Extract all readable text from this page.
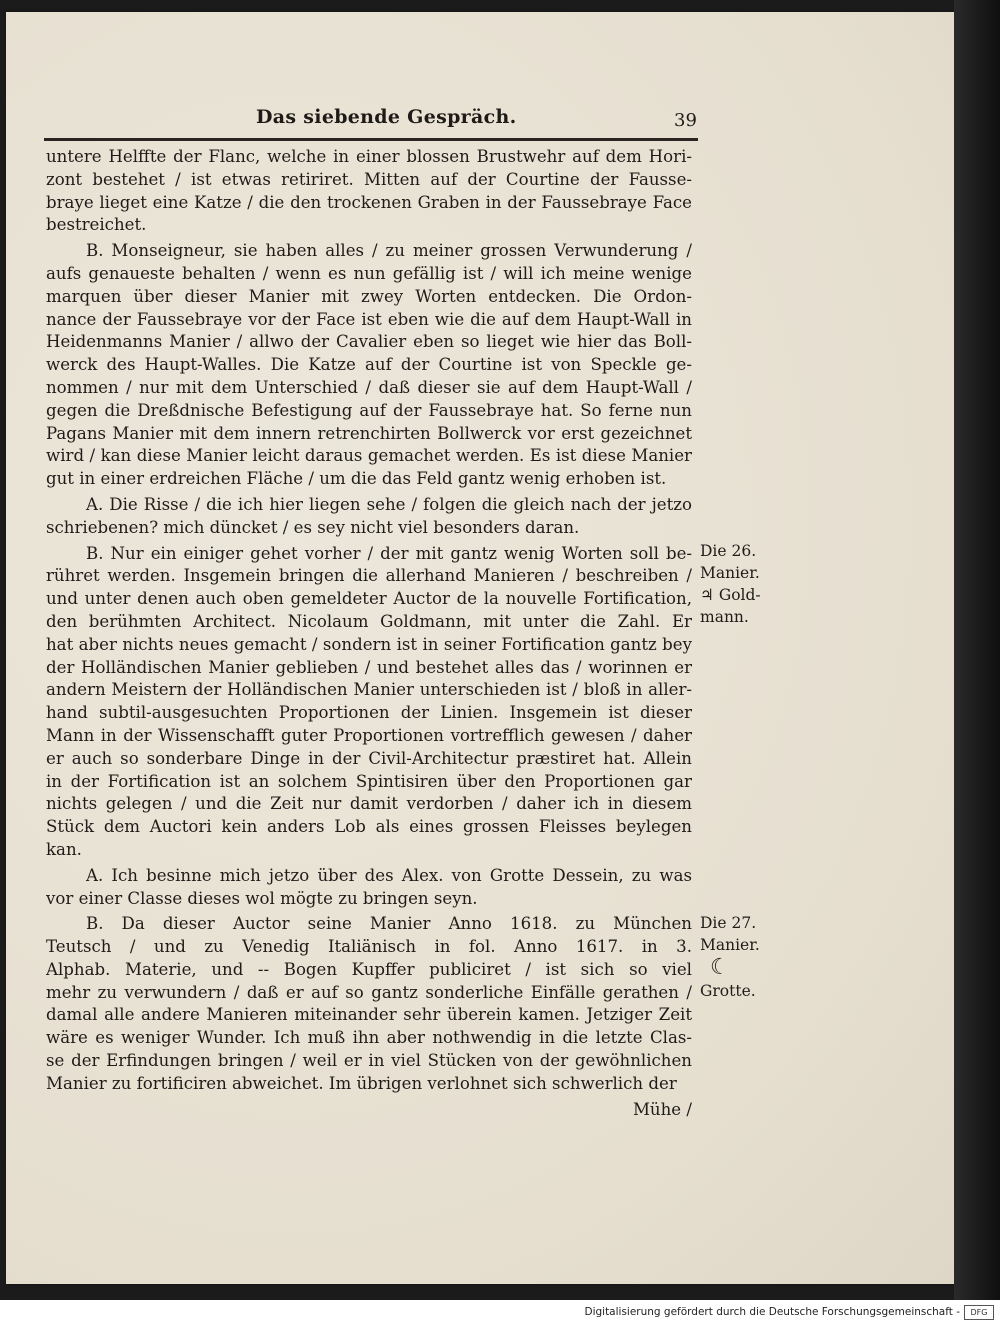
Das siebende Gespräch.	39
untere Helffte der Flanc, welche in einer blossen Brustwehr auf dem Hori-
zont bestehet / ist etwas retiriret. Mitten auf der Courtine der Fausse-
braye lieget eine Katze / die den trockenen Graben in der Faussebraye Face
bestreichet.
B. Monseigneur, sie haben alles / zu meiner grossen Verwunderung /
aufs genaueste behalten / wenn es nun gefällig ist / will ich meine wenige
marquen über dieser Manier mit zwey Worten entdecken. Die Ordon-
nance der Faussebraye vor der Face ist eben wie die auf dem Haupt-Wall in
Heidenmanns Manier / allwo der Cavalier eben so lieget wie hier das Boll-
werck des Haupt-Walles. Die Katze auf der Courtine ist von Speckle ge-
nommen / nur mit dem Unterschied / daß dieser sie auf dem Haupt-Wall /
gegen die Dreßdnische Befestigung auf der Faussebraye hat. So ferne nun
Pagans Manier mit dem innern retrenchirten Bollwerck vor erst gezeichnet
wird / kan diese Manier leicht daraus gemachet werden. Es ist diese Manier
gut in einer erdreichen Fläche / um die das Feld gantz wenig erhoben ist.
A. Die Risse / die ich hier liegen sehe / folgen die gleich nach der jetzo
schriebenen? mich düncket / es sey nicht viel besonders daran.
B. Nur ein einiger gehet vorher / der mit gantz wenig Worten soll be-
rühret werden. Insgemein bringen die allerhand Manieren / beschreiben /
und unter denen auch oben gemeldeter Auctor de la nouvelle Fortification,
den berühmten Architect. Nicolaum Goldmann, mit unter die Zahl. Er
hat aber nichts neues gemacht / sondern ist in seiner Fortification gantz bey
der Holländischen Manier geblieben / und bestehet alles das / worinnen er
andern Meistern der Holländischen Manier unterschieden ist / bloß in aller-
hand subtil-ausgesuchten Proportionen der Linien. Insgemein ist dieser
Mann in der Wissenschafft guter Proportionen vortrefflich gewesen / daher
er auch so sonderbare Dinge in der Civil-Architectur præstiret hat. Allein
in der Fortification ist an solchem Spintisiren über den Proportionen gar
nichts gelegen / und die Zeit nur damit verdorben / daher ich in diesem
Stück dem Auctori kein anders Lob als eines grossen Fleisses beylegen
kan.
A. Ich besinne mich jetzo über des Alex. von Grotte Dessein, zu was
vor einer Classe dieses wol mögte zu bringen seyn.
B. Da dieser Auctor seine Manier Anno 1618. zu München
Teutsch / und zu Venedig Italiänisch in fol. Anno 1617. in 3.
Alphab. Materie, und -- Bogen Kupffer publiciret / ist sich so viel
mehr zu verwundern / daß er auf so gantz sonderliche Einfälle gerathen /
damal alle andere Manieren miteinander sehr überein kamen. Jetziger Zeit
wäre es weniger Wunder. Ich muß ihn aber nothwendig in die letzte Clas-
se der Erfindungen bringen / weil er in viel Stücken von der gewöhnlichen
Manier zu fortificiren abweichet. Im übrigen verlohnet sich schwerlich der
Mühe /
Die 26.
Manier.
♃ Gold-
mann.
Die 27.
Manier.
☾
Grotte.
Digitalisierung gefördert durch die Deutsche Forschungsgemeinschaft -	DFG
